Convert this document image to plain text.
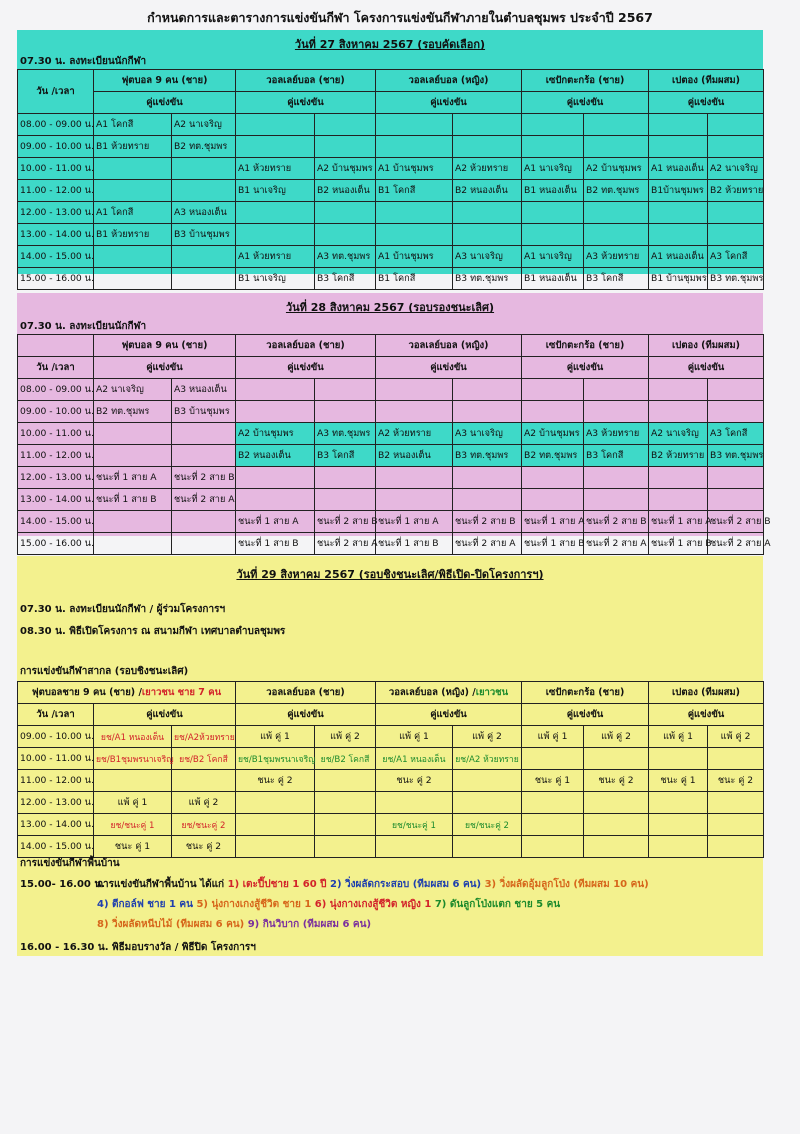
กำหนดการและตารางการแข่งขันกีฬา โครงการแข่งขันกีฬาภายในตำบลชุมพร ประจำปี 2567
วันที่ 27 สิงหาคม 2567 (รอบคัดเลือก)
07.30 น. ลงทะเบียนนักกีฬา
วัน /เวลา	ฟุตบอล 9 คน (ชาย)		วอลเลย์บอล (ชาย)		วอลเลย์บอล (หญิง)		เซปักตะกร้อ (ชาย)		เปตอง (ทีมผสม)	
	คู่แข่งขัน		คู่แข่งขัน		คู่แข่งขัน		คู่แข่งขัน		คู่แข่งขัน	
08.00 - 09.00 น.	A1 โคกสี	A2 นาเจริญ								
09.00 - 10.00 น.	B1 ห้วยทราย	B2 ทต.ชุมพร								
10.00 - 11.00 น.			A1 ห้วยทราย	A2 บ้านชุมพร	A1 บ้านชุมพร	A2 ห้วยทราย	A1 นาเจริญ	A2 บ้านชุมพร	A1 หนองเต็น	A2 นาเจริญ
11.00 - 12.00 น.			B1 นาเจริญ	B2 หนองเต็น	B1 โคกสี	B2 หนองเต็น	B1 หนองเต็น	B2 ทต.ชุมพร	B1บ้านชุมพร	B2 ห้วยทราย
12.00 - 13.00 น.	A1 โคกสี	A3 หนองเต็น								
13.00 - 14.00 น.	B1 ห้วยทราย	B3 บ้านชุมพร								
14.00 - 15.00 น.			A1 ห้วยทราย	A3 ทต.ชุมพร	A1 บ้านชุมพร	A3 นาเจริญ	A1 นาเจริญ	A3 ห้วยทราย	A1 หนองเต็น	A3 โคกสี
15.00 - 16.00 น.			B1 นาเจริญ	B3 โคกสี	B1 โคกสี	B3 ทต.ชุมพร	B1 หนองเต็น	B3 โคกสี	B1 บ้านชุมพร	B3 ทต.ชุมพร
วันที่ 28 สิงหาคม 2567 (รอบรองชนะเลิศ)
07.30 น. ลงทะเบียนนักกีฬา
	ฟุตบอล 9 คน (ชาย)		วอลเลย์บอล (ชาย)		วอลเลย์บอล (หญิง)		เซปักตะกร้อ (ชาย)		เปตอง (ทีมผสม)	
วัน /เวลา	คู่แข่งขัน		คู่แข่งขัน		คู่แข่งขัน		คู่แข่งขัน		คู่แข่งขัน	
08.00 - 09.00 น.	A2 นาเจริญ	A3 หนองเต็น								
09.00 - 10.00 น.	B2 ทต.ชุมพร	B3 บ้านชุมพร								
10.00 - 11.00 น.			A2 บ้านชุมพร	A3 ทต.ชุมพร	A2 ห้วยทราย	A3 นาเจริญ	A2 บ้านชุมพร	A3 ห้วยทราย	A2 นาเจริญ	A3 โคกสี
11.00 - 12.00 น.			B2 หนองเต็น	B3 โคกสี	B2 หนองเต็น	B3 ทต.ชุมพร	B2 ทต.ชุมพร	B3 โคกสี	B2 ห้วยทราย	B3 ทต.ชุมพร
12.00 - 13.00 น.	ชนะที่ 1 สาย A	ชนะที่ 2 สาย B								
13.00 - 14.00 น.	ชนะที่ 1 สาย B	ชนะที่ 2 สาย A								
14.00 - 15.00 น.			ชนะที่ 1 สาย A	ชนะที่ 2 สาย B	ชนะที่ 1 สาย A	ชนะที่ 2 สาย B	ชนะที่ 1 สาย A	ชนะที่ 2 สาย B	ชนะที่ 1 สาย A	ชนะที่ 2 สาย B
15.00 - 16.00 น.			ชนะที่ 1 สาย B	ชนะที่ 2 สาย A	ชนะที่ 1 สาย B	ชนะที่ 2 สาย A	ชนะที่ 1 สาย B	ชนะที่ 2 สาย A	ชนะที่ 1 สาย B	ชนะที่ 2 สาย A
วันที่ 29 สิงหาคม 2567 (รอบชิงชนะเลิศ/พิธีเปิด-ปิดโครงการฯ)
07.30 น. ลงทะเบียนนักกีฬา / ผู้ร่วมโครงการฯ
08.30 น. พิธีเปิดโครงการ ณ สนามกีฬา เทศบาลตำบลชุมพร
การแข่งขันกีฬาสากล (รอบชิงชนะเลิศ)
ฟุตบอลชาย 9 คน (ชาย) /เยาวชน ชาย 7 คน			วอลเลย์บอล (ชาย)		วอลเลย์บอล (หญิง) /เยาวชน		เซปักตะกร้อ (ชาย)		เปตอง (ทีมผสม)	
วัน /เวลา	คู่แข่งขัน		คู่แข่งขัน		คู่แข่งขัน		คู่แข่งขัน		คู่แข่งขัน	
09.00 - 10.00 น.	ยช/A1 หนองเต็น	ยช/A2ห้วยทราย	แพ้ คู่ 1	แพ้ คู่ 2	แพ้ คู่ 1	แพ้ คู่ 2	แพ้ คู่ 1	แพ้ คู่ 2	แพ้ คู่ 1	แพ้ คู่ 2
10.00 - 11.00 น.	ยช/B1ชุมพรนาเจริญ	ยช/B2 โคกสี	ยช/B1ชุมพรนาเจริญ	ยช/B2 โคกสี	ยช/A1 หนองเต็น	ยช/A2 ห้วยทราย				
11.00 - 12.00 น.			ชนะ คู่ 2		ชนะ คู่ 2		ชนะ คู่ 1	ชนะ คู่ 2	ชนะ คู่ 1	ชนะ คู่ 2
12.00 - 13.00 น.	แพ้ คู่ 1	แพ้ คู่ 2								
13.00 - 14.00 น.	ยช/ชนะคู่ 1	ยช/ชนะคู่ 2			ยช/ชนะคู่ 1	ยช/ชนะคู่ 2				
14.00 - 15.00 น.	ชนะ คู่ 1	ชนะ คู่ 2								
การแข่งขันกีฬาพื้นบ้าน
15.00- 16.00 น.
การแข่งขันกีฬาพื้นบ้าน ได้แก่ 1) เตะปี๊ปชาย 1 60 ปี 2) วิ่งผลัดกระสอบ (ทีมผสม 6 คน) 3) วิ่งผลัดอุ้มลูกโป่ง (ทีมผสม 10 คน)
4) ตีกอล์ฟ ชาย 1 คน 5) นุ่งกางเกงสู้ชีวิต ชาย 1 6) นุ่งกางเกงสู้ชีวิต หญิง 1 7) ดันลูกโป่งแตก ชาย 5 คน
8) วิ่งผลัดหนีบไม้ (ทีมผสม 6 คน) 9) กินวิบาก (ทีมผสม 6 คน)
16.00 - 16.30 น. พิธีมอบรางวัล / พิธีปิด โครงการฯ
